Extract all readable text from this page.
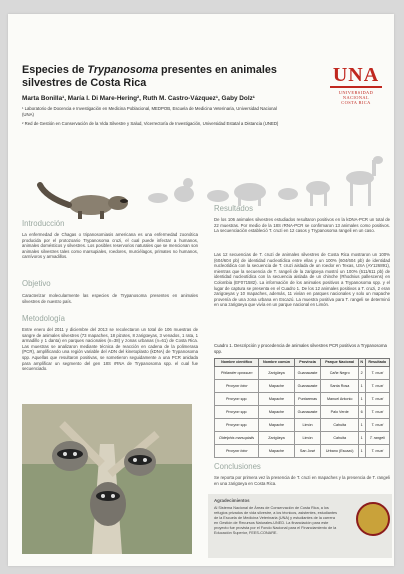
Especies de Trypanosoma presentes en animales silvestres de Costa Rica	UNA
UNIVERSIDAD
NACIONAL
COSTA RICA
Marta Bonilla¹, María I. Di Mare-Hering², Ruth M. Castro-Vázquez¹, Gaby Dolz¹
¹ Laboratorio de Docencia e Investigación en Medicina Poblacional, MEDPOB, Escuela de Medicina Veterinaria, Universidad Nacional (UNA)
² Red de Gestión en Conservación de la Vida Silvestre y Salud, Vicerrectoría de Investigación, Universidad Estatal a Distancia (UNED)
Introducción
La enfermedad de Chagas o tripanosomiasis americana es una enfermedad zoonótica producida por el protozoario Trypanosoma cruzi, el cual puede infectar a humanos, animales domésticos y silvestres. Los posibles reservorios naturales que se mencionan son animales silvestres tales como marsupiales, roedores, murciélagos, primates no humanos, carnívoros y armadillos.
Objetivo
Caracterizar molecularmente las especies de Trypanosoma presentes en animales silvestres de nuestro país.
Metodología
Entre enero del 2011 y diciembre del 2013 se recolectaron un total de 106 muestras de sangre de animales silvestres (73 mapaches, 18 pizotes, 8 zarigüeyas, 3 venados, 1 rata, 1 armadillo y 1 danta) en parques nacionales (n=38) y zonas urbanas (n=61) de Costa Rica. Las muestras se analizaron mediante técnica de reacción en cadena de la polimerasa (PCR), amplificando una región variable del ADN del kinetoplasto (kDNA) de Trypanosoma spp. Aquellas que resultaron positivas, se sometieron seguidamente a una PCR anidada para amplificar un segmento del gen 18S rRNA de Trypanosoma spp. el cual fue secuenciado.
Resultados
De los 106 animales silvestres estudiados resultaron positivos en la kDNA-PCR un total de 22 muestras. Por medio de la 18S rRNA-PCR se confirmaron 13 animales como positivos. La secuenciación estableció T. cruzi en 12 casos y Trypanosoma rangeli en un caso.
Las 12 secuencias de T. cruzi de animales silvestres de Costa Rica mostraron un 100% (604/604 pb) de identidad nucleotídica entre ellas y un 100% (604/604 pb) de identidad nucleotídica con la secuencia de T. cruzi aislada de un roedor en Texas, USA (AY126891), mientras que la secuencia de T. rangeli de la zarigüeya mostró un 100% (611/611 pb) de identidad nucleotídica con la secuencia aislada de un chinche (Rhodnius pallescens) en Colombia (EF071582). La información de los animales positivos a Trypanosoma spp. y el lugar de captura se presenta en el Cuadro 1. De los 12 animales positivos a T. cruzi, 2 eran zarigüeyas y 10 mapaches, además, 11 vivían en parques nacionales y solo un mapache provenía de una zona urbana en Escazú. La muestra positiva para T. rangeli se determinó en una zarigüeya que vivía en un parque nacional en Limón.
Cuadro 1. Descripción y procedencia de animales silvestres PCR positivos a Trypanosoma spp.
Nombre científico	Nombre común	Provincia	Parque Nacional	N	Resultado
Philander opossum	Zarigüeya	Guanacaste	Cañe Negro	2	T. cruzi
Procyon lotor	Mapache	Guanacaste	Santa Rosa	1	T. cruzi
Procyon spp.	Mapache	Puntarenas	Manuel Antonio	1	T. cruzi
Procyon spp.	Mapache	Guanacaste	Palo Verde	6	T. cruzi
Procyon spp.	Mapache	Limón	Cahuita	1	T. cruzi
Didelphis marsupialis	Zarigüeya	Limón	Cahuita	1	T. rangeli
Procyon lotor	Mapache	San José	Urbano (Escazú)	1	T. cruzi
Conclusiones
Se reporta por primera vez la presencia de T. cruzi en mapaches y la presencia de T. rangeli en una zarigüeya en Costa Rica.
Agradecimientos
Al Sistema Nacional de Áreas de Conservación de Costa Rica, a los refugios privados de vida silvestre, a los técnicos, asistentes, estudiantes de la Escuela de Medicina Veterinaria (UNA) y estudiantes de la carrera en Gestión de Recursos Naturales-UNED. La financiación para este proyecto fue provista por el Fondo Nacional para el Financiamiento de la Educación Superior, FEES-CONARE.
